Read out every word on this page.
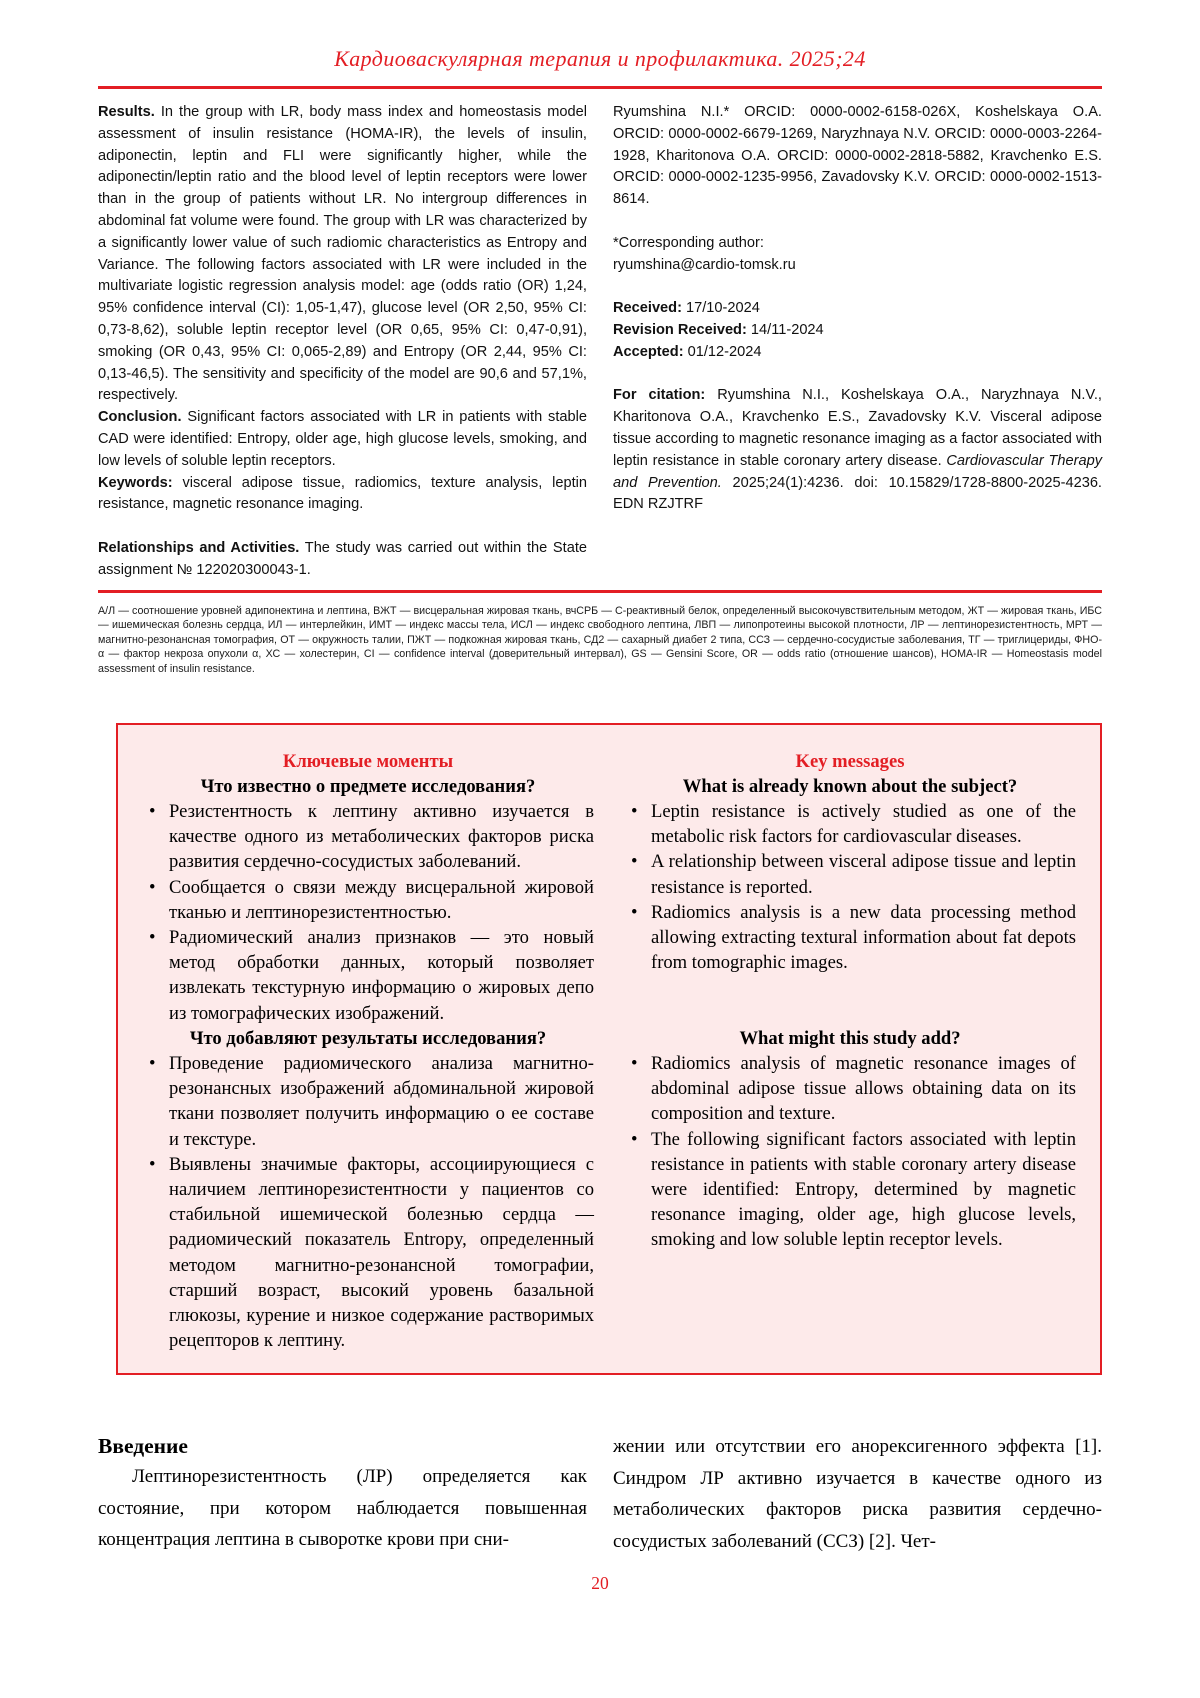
Кардиоваскулярная терапия и профилактика. 2025;24

Results. In the group with LR, body mass index and homeostasis model assessment of insulin resistance (HOMA-IR), the levels of insulin, adiponectin, leptin and FLI were significantly higher, while the adiponectin/leptin ratio and the blood level of leptin receptors were lower than in the group of patients without LR. No intergroup differences in abdominal fat volume were found. The group with LR was characterized by a significantly lower value of such radiomic characteristics as Entropy and Variance. The following factors associated with LR were included in the multivariate logistic regression analysis model: age (odds ratio (OR) 1,24, 95% confidence interval (CI): 1,05-1,47), glucose level (OR 2,50, 95% CI: 0,73-8,62), soluble leptin receptor level (OR 0,65, 95% CI: 0,47-0,91), smoking (OR 0,43, 95% CI: 0,065-2,89) and Entropy (OR 2,44, 95% CI: 0,13-46,5). The sensitivity and specificity of the model are 90,6 and 57,1%, respectively.

Conclusion. Significant factors associated with LR in patients with stable CAD were identified: Entropy, older age, high glucose levels, smoking, and low levels of soluble leptin receptors.

Keywords: visceral adipose tissue, radiomics, texture analysis, leptin resistance, magnetic resonance imaging.

Relationships and Activities. The study was carried out within the State assignment № 122020300043-1.

Ryumshina N.I.* ORCID: 0000-0002-6158-026X, Koshelskaya O.A. ORCID: 0000-0002-6679-1269, Naryzhnaya N.V. ORCID: 0000-0003-2264-1928, Kharitonova O.A. ORCID: 0000-0002-2818-5882, Kravchenko E.S. ORCID: 0000-0002-1235-9956, Zavadovsky K.V. ORCID: 0000-0002-1513-8614.

*Corresponding author:

ryumshina@cardio-tomsk.ru

Received: 17/10-2024

Revision Received: 14/11-2024

Accepted: 01/12-2024

For citation: Ryumshina N.I., Koshelskaya O.A., Naryzhnaya N.V., Kharitonova O.A., Kravchenko E.S., Zavadovsky K.V. Visceral adipose tissue according to magnetic resonance imaging as a factor associated with leptin resistance in stable coronary artery disease. Cardiovascular Therapy and Prevention. 2025;24(1):4236. doi: 10.15829/1728-8800-2025-4236. EDN RZJTRF

А/Л — соотношение уровней адипонектина и лептина, ВЖТ — висцеральная жировая ткань, вчСРБ — С-реактивный белок, определенный высокочувствительным методом, ЖТ — жировая ткань, ИБС — ишемическая болезнь сердца, ИЛ — интерлейкин, ИМТ — индекс массы тела, ИСЛ — индекс свободного лептина, ЛВП — липопротеины высокой плотности, ЛР — лептинорезистентность, МРТ — магнитно-резонансная томография, ОТ — окружность талии, ПЖТ — подкожная жировая ткань, СД2 — сахарный диабет 2 типа, ССЗ — сердечно-сосудистые заболевания, ТГ — триглицериды, ФНО-α — фактор некроза опухоли α, ХС — холестерин, CI — confidence interval (доверительный интервал), GS — Gensini Score, OR — odds ratio (отношение шансов), HOMA-IR — Homeostasis model assessment of insulin resistance.

Ключевые моменты
Что известно о предмете исследования?
• Резистентность к лептину активно изучается в качестве одного из метаболических факторов риска развития сердечно-сосудистых заболеваний.
• Сообщается о связи между висцеральной жировой тканью и лептинорезистентностью.
• Радиомический анализ признаков — это новый метод обработки данных, который позволяет извлекать текстурную информацию о жировых депо из томографических изображений.
Key messages
What is already known about the subject?
• Leptin resistance is actively studied as one of the metabolic risk factors for cardiovascular diseases.
• A relationship between visceral adipose tissue and leptin resistance is reported.
• Radiomics analysis is a new data processing method allowing extracting textural information about fat depots from tomographic images.
Что добавляют результаты исследования?
• Проведение радиомического анализа магнитно-резонансных изображений абдоминальной жировой ткани позволяет получить информацию о ее составе и текстуре.
• Выявлены значимые факторы, ассоциирующиеся с наличием лептинорезистентности у пациентов со стабильной ишемической болезнью сердца — радиомический показатель Entropy, определенный методом магнитно-резонансной томографии, старший возраст, высокий уровень базальной глюкозы, курение и низкое содержание растворимых рецепторов к лептину.
What might this study add?
• Radiomics analysis of magnetic resonance images of abdominal adipose tissue allows obtaining data on its composition and texture.
• The following significant factors associated with leptin resistance in patients with stable coronary artery disease were identified: Entropy, determined by magnetic resonance imaging, older age, high glucose levels, smoking and low soluble leptin receptor levels.
Введение

Лептинорезистентность (ЛР) определяется как состояние, при котором наблюдается повышенная концентрация лептина в сыворотке крови при сни-

жении или отсутствии его анорексигенного эффекта [1]. Синдром ЛР активно изучается в качестве одного из метаболических факторов риска развития сердечно-сосудистых заболеваний (ССЗ) [2]. Чет-

20
